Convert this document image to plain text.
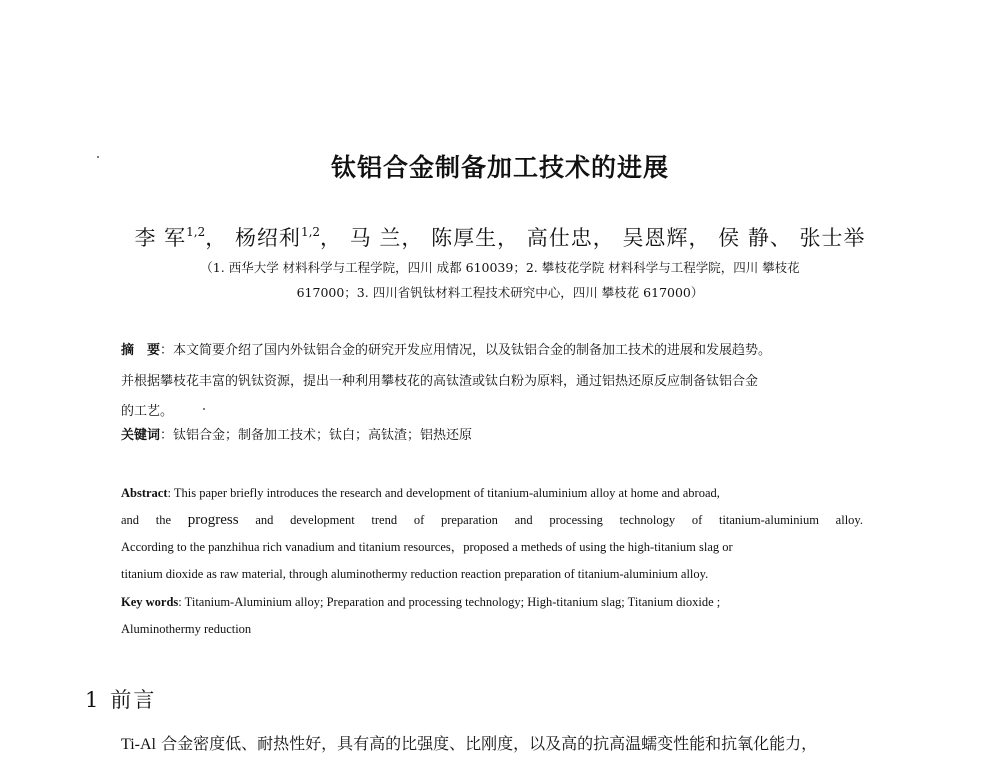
钛铝合金制备加工技术的进展
李 军$^{1,2}$， 杨绍利$^{1,2}$， 马 兰， 陈厚生， 高仕忠， 吴恩辉， 侯 静、 张士举
（1. 西华大学 材料科学与工程学院，四川 成都 610039；2. 攀枝花学院 材料科学与工程学院，四川 攀枝花
617000；3. 四川省钒钛材料工程技术研究中心，四川 攀枝花 617000）
摘　要：本文简要介绍了国内外钛铝合金的研究开发应用情况，以及钛铝合金的制备加工技术的进展和发展趋势。
并根据攀枝花丰富的钒钛资源，提出一种利用攀枝花的高钛渣或钛白粉为原料，通过铝热还原反应制备钛铝合金
的工艺。
关键词：钛铝合金；制备加工技术；钛白；高钛渣；铝热还原
Abstract: This paper briefly introduces the research and development of titanium-aluminium alloy at home and abroad,
and the progress and development trend of preparation and processing technology of titanium-aluminium alloy.
According to the panzhihua rich vanadium and titanium resources，proposed a metheds of using the high-titanium slag or
titanium dioxide as raw material, through aluminothermy reduction reaction preparation of titanium-aluminium alloy.
Key words: Titanium-Aluminium alloy; Preparation and processing technology; High-titanium slag; Titanium dioxide ;
Aluminothermy reduction
1 前言
Ti-Al 合金密度低、耐热性好，具有高的比强度、比刚度，以及高的抗高温蠕变性能和抗氧化能力，
